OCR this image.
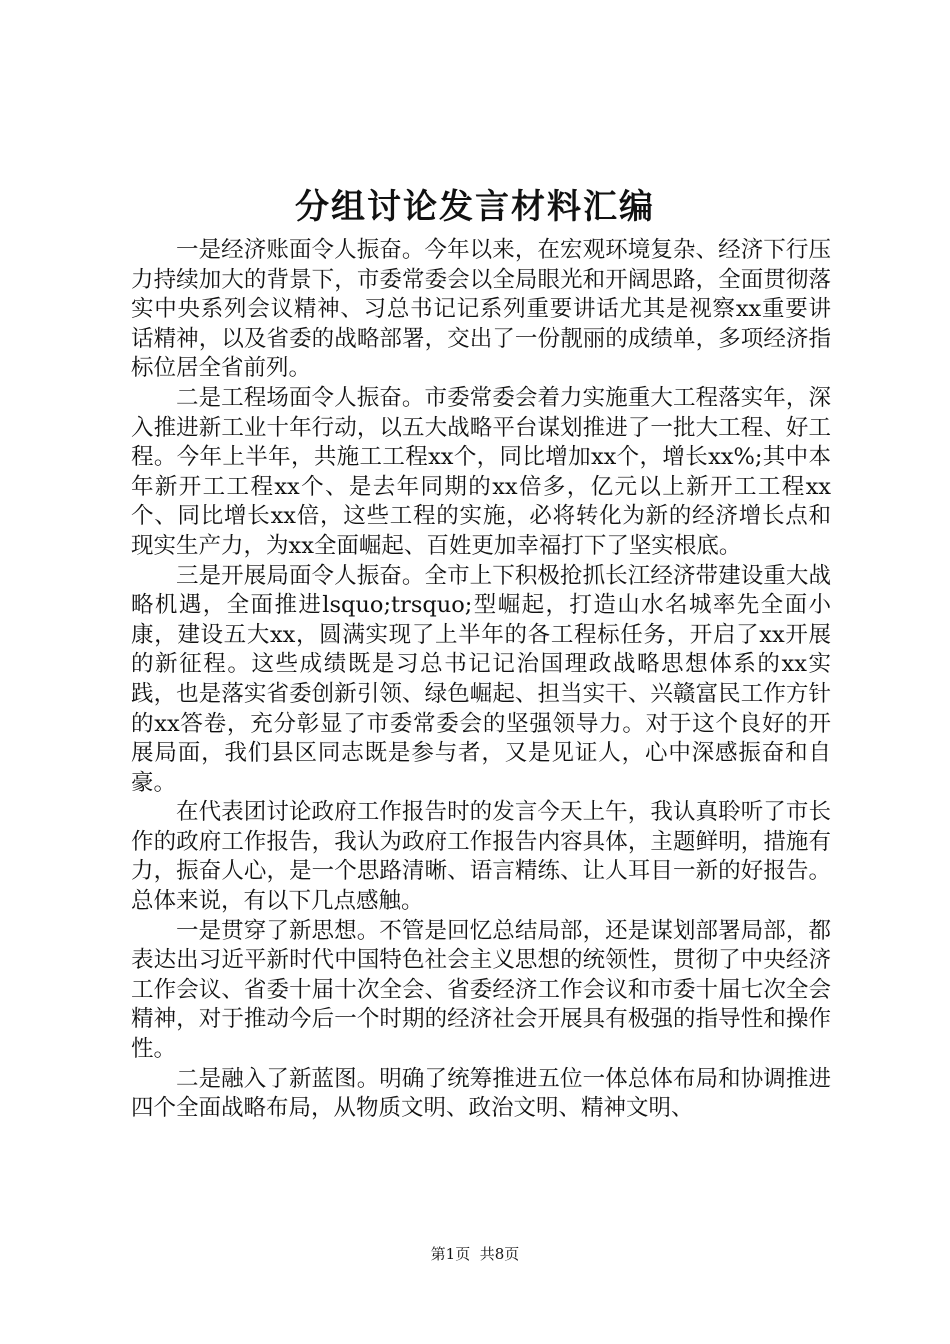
分组讨论发言材料汇编

一是经济账面令人振奋。今年以来，在宏观环境复杂、经济下行压力持续加大的背景下，市委常委会以全局眼光和开阔思路，全面贯彻落实中央系列会议精神、习总书记记系列重要讲话尤其是视察xx重要讲话精神，以及省委的战略部署，交出了一份靓丽的成绩单，多项经济指标位居全省前列。

二是工程场面令人振奋。市委常委会着力实施重大工程落实年，深入推进新工业十年行动，以五大战略平台谋划推进了一批大工程、好工程。今年上半年，共施工工程xx个，同比增加xx个，增长xx%;其中本年新开工工程xx个、是去年同期的xx倍多，亿元以上新开工工程xx个、同比增长xx倍，这些工程的实施，必将转化为新的经济增长点和现实生产力，为xx全面崛起、百姓更加幸福打下了坚实根底。

三是开展局面令人振奋。全市上下积极抢抓长江经济带建设重大战略机遇，全面推进lsquo;trsquo;型崛起，打造山水名城率先全面小康，建设五大xx，圆满实现了上半年的各工程标任务，开启了xx开展的新征程。这些成绩既是习总书记记治国理政战略思想体系的xx实践，也是落实省委创新引领、绿色崛起、担当实干、兴赣富民工作方针的xx答卷，充分彰显了市委常委会的坚强领导力。对于这个良好的开展局面，我们县区同志既是参与者，又是见证人，心中深感振奋和自豪。

在代表团讨论政府工作报告时的发言今天上午，我认真聆听了市长作的政府工作报告，我认为政府工作报告内容具体，主题鲜明，措施有力，振奋人心，是一个思路清晰、语言精练、让人耳目一新的好报告。总体来说，有以下几点感触。

一是贯穿了新思想。不管是回忆总结局部，还是谋划部署局部，都表达出习近平新时代中国特色社会主义思想的统领性，贯彻了中央经济工作会议、省委十届十次全会、省委经济工作会议和市委十届七次全会精神，对于推动今后一个时期的经济社会开展具有极强的指导性和操作性。

二是融入了新蓝图。明确了统筹推进五位一体总体布局和协调推进四个全面战略布局，从物质文明、政治文明、精神文明、

第1页 共8页
